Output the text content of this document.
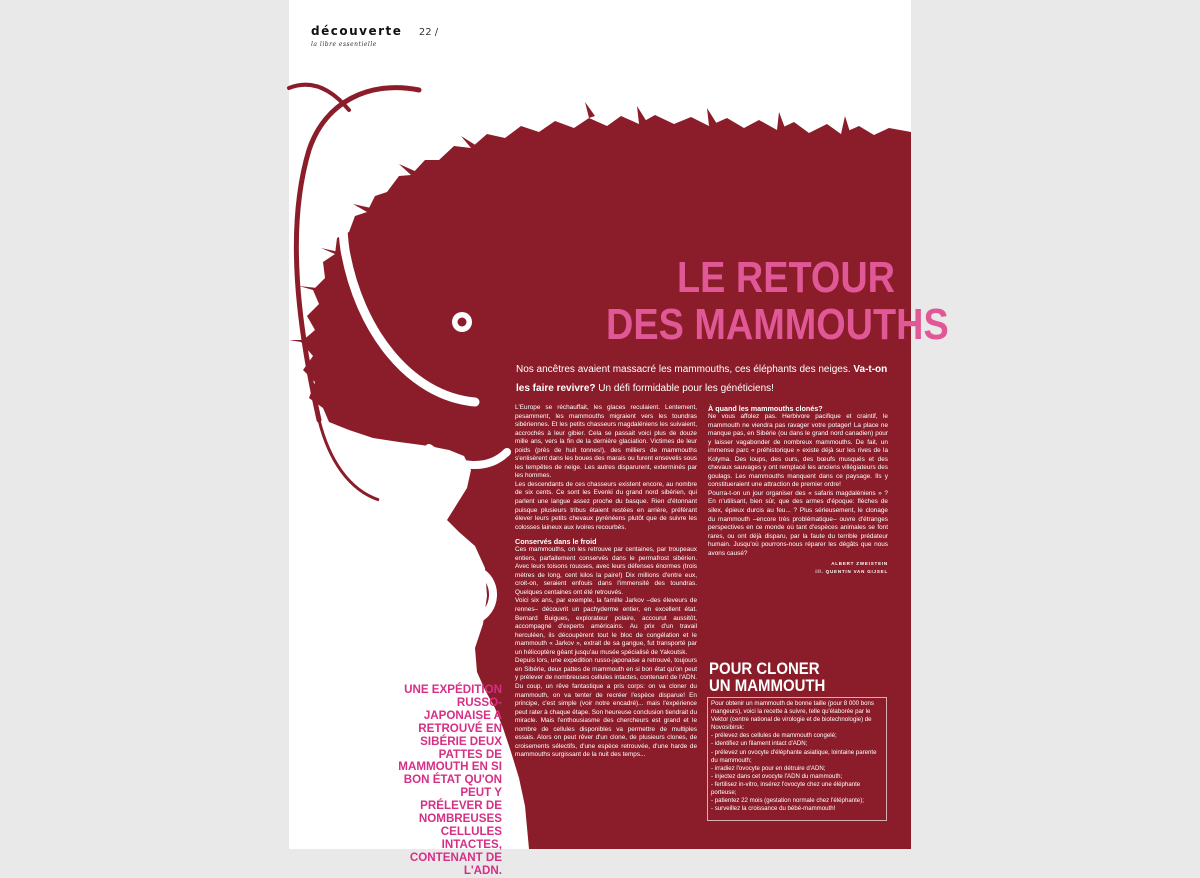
découverte 22 /
la libre essentielle
LE RETOUR
DES MAMMOUTHS
Nos ancêtres avaient massacré les mammouths, ces éléphants des neiges. Va-t-on les faire revivre? Un défi formidable pour les généticiens!

L'Europe se réchauffait, les glaces reculaient. Lentement, pesamment, les mammouths migraient vers les toundras sibériennes. Et les petits chasseurs magdaléniens les suivaient, accrochés à leur gibier. Cela se passait voici plus de douze mille ans, vers la fin de la dernière glaciation. Victimes de leur poids (près de huit tonnes!), des milliers de mammouths s'enlisèrent dans les boues des marais ou furent ensevelis sous les tempêtes de neige. Les autres disparurent, exterminés par les hommes.

Les descendants de ces chasseurs existent encore, au nombre de six cents. Ce sont les Evenki du grand nord sibérien, qui parlent une langue assez proche du basque. Rien d'étonnant puisque plusieurs tribus étaient restées en arrière, préférant élever leurs petits chevaux pyrénéens plutôt que de suivre les colosses laineux aux ivoires recourbés.

Conservés dans le froid

Ces mammouths, on les retrouve par centaines, par troupeaux entiers, parfaitement conservés dans le permafrost sibérien. Avec leurs toisons rousses, avec leurs défenses énormes (trois mètres de long, cent kilos la paire!) Dix millions d'entre eux, croit-on, seraient enfouis dans l'immensité des toundras. Quelques centaines ont été retrouvés.

Voici six ans, par exemple, la famille Jarkov –des éleveurs de rennes– découvrit un pachyderme entier, en excellent état. Bernard Buigues, explorateur polaire, accourut aussitôt, accompagné d'experts américains. Au prix d'un travail herculéen, ils découpèrent tout le bloc de congélation et le mammouth « Jarkov », extrait de sa gangue, fut transporté par un hélicoptère géant jusqu'au musée spécialisé de Yakoutsk.

Depuis lors, une expédition russo-japonaise a retrouvé, toujours en Sibérie, deux pattes de mammouth en si bon état qu'on peut y prélever de nombreuses cellules intactes, contenant de l'ADN. Du coup, un rêve fantastique a pris corps: on va cloner du mammouth, on va tenter de recréer l'espèce disparue! En principe, c'est simple (voir notre encadré)... mais l'expérience peut rater à chaque étape. Son heureuse conclusion tiendrait du miracle. Mais l'enthousiasme des chercheurs est grand et le nombre de cellules disponibles va permettre de multiples essais. Alors on peut rêver d'un clone, de plusieurs clones, de croisements sélectifs, d'une espèce retrouvée, d'une harde de mammouths surgissant de la nuit des temps...

À quand les mammouths clonés?

Ne vous affolez pas. Herbivore pacifique et craintif, le mammouth ne viendra pas ravager votre potager! La place ne manque pas, en Sibérie (ou dans le grand nord canadien) pour y laisser vagabonder de nombreux mammouths. De fait, un immense parc « préhistorique » existe déjà sur les rives de la Kolyma. Des loups, des ours, des bœufs musqués et des chevaux sauvages y ont remplacé les anciens villégiateurs des goulags. Les mammouths manquent dans ce paysage. Ils y constitueraient une attraction de premier ordre!

Pourra-t-on un jour organiser des « safaris magdaléniens » ? En n'utilisant, bien sûr, que des armes d'époque: flèches de silex, épieux durcis au feu... ? Plus sérieusement, le clonage du mammouth –encore très problématique– ouvre d'étranges perspectives en ce monde où tant d'espèces animales se font rares, ou ont déjà disparu, par la faute du terrible prédateur humain. Jusqu'où pourrons-nous réparer les dégâts que nous avons causé?

ALBERT ZWEISTEIN
ill. QUENTIN VAN GIJSEL
UNE EXPÉDITION RUSSO-JAPONAISE A RETROUVÉ EN SIBÉRIE DEUX PATTES DE MAMMOUTH EN SI BON ÉTAT QU'ON PEUT Y PRÉLEVER DE NOMBREUSES CELLULES INTACTES, CONTENANT DE L'ADN.
POUR CLONER
UN MAMMOUTH

Pour obtenir un mammouth de bonne taille (pour 8 000 bons mangeurs), voici la recette à suivre, telle qu'élaborée par le Vektor (centre national de virologie et de biotechnologie) de Novosibirsk:

- prélevez des cellules de mammouth congelé;
- identifiez un filament intact d'ADN;
- prélevez un ovocyte d'éléphante asiatique, lointaine parente du mammouth;
- irradiez l'ovocyte pour en détruire d'ADN;
- injectez dans cet ovocyte l'ADN du mammouth;
- fertilisez in-vitro, insérez l'ovocyte chez une éléphante porteuse;
- patientez 22 mois (gestation normale chez l'éléphante);
- surveillez la croissance du bébé-mammouth!
